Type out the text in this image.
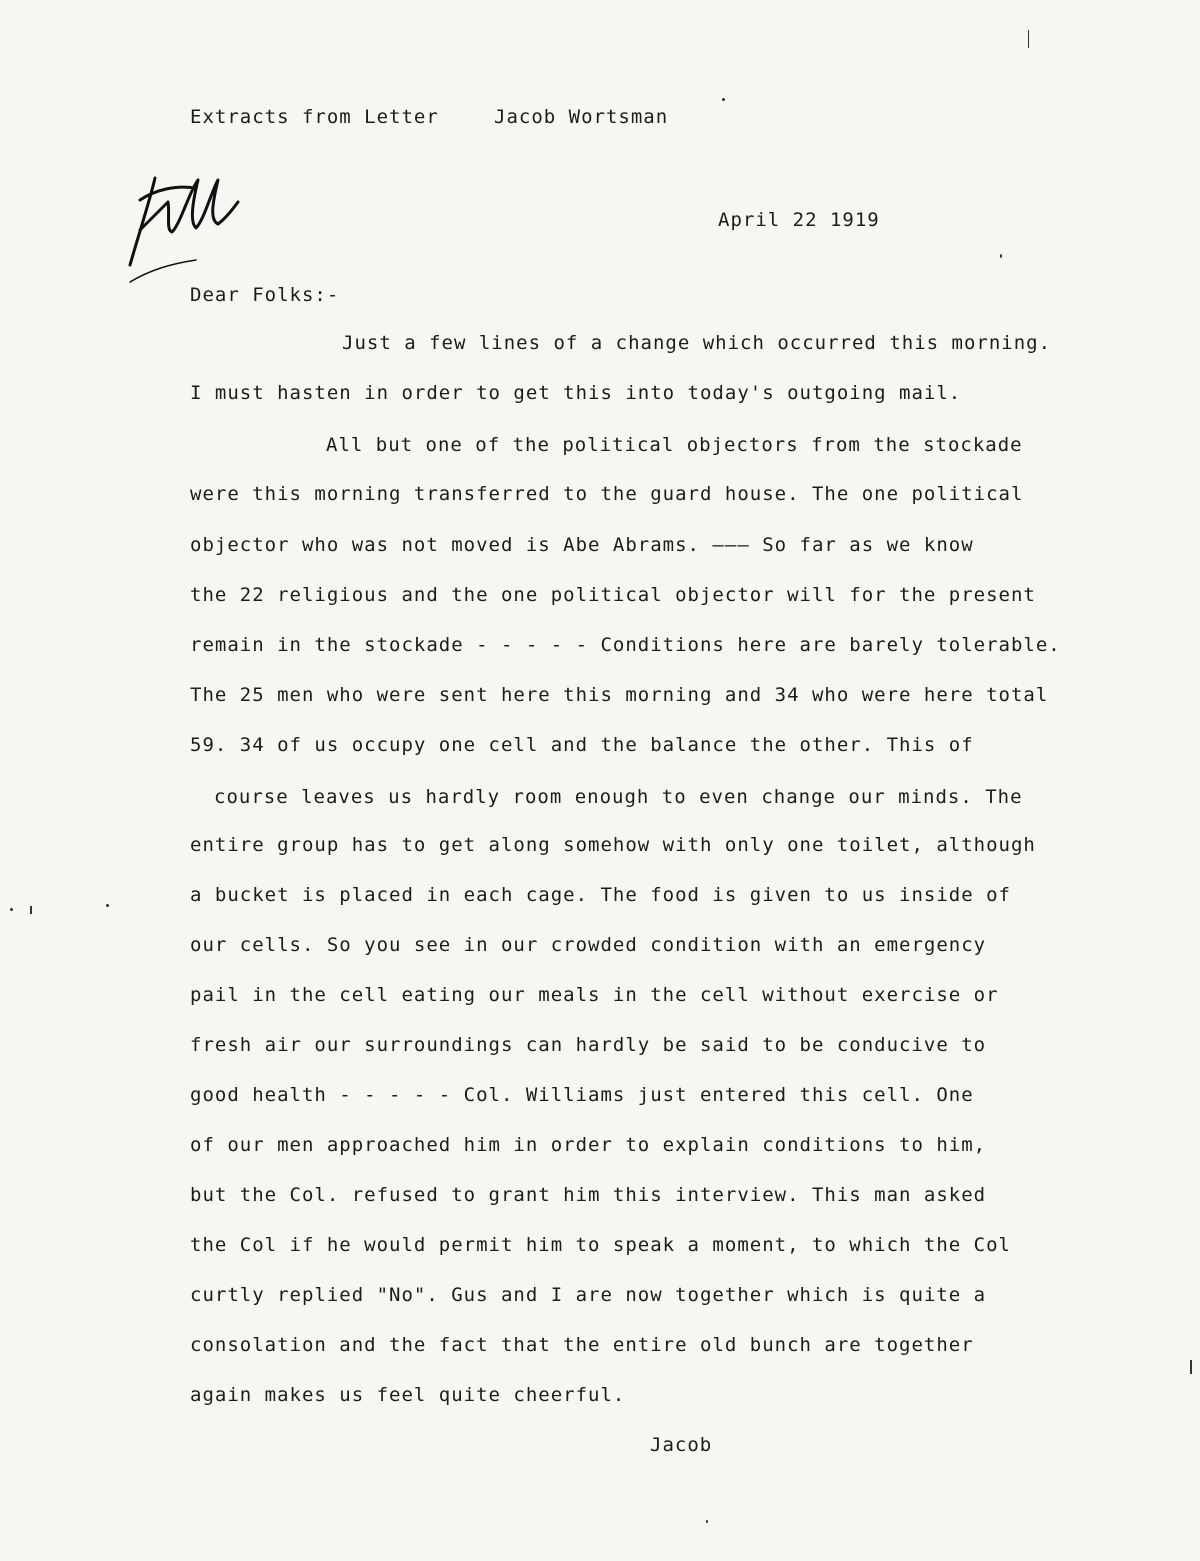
Extracts from Letter	Jacob Wortsman
April 22 1919
Dear Folks:-
Just a few lines of a change which occurred this morning.
I must hasten in order to get this into today's outgoing mail.
All but one of the political objectors from the stockade
were this morning transferred to the guard house. The one political
objector who was not moved is Abe Abrams. ——— So far as we know
the 22 religious and the one political objector will for the present
remain in the stockade - - - - - Conditions here are barely tolerable.
The 25 men who were sent here this morning and 34 who were here total
59. 34 of us occupy one cell and the balance the other. This of
course leaves us hardly room enough to even change our minds. The
entire group has to get along somehow with only one toilet, although
a bucket is placed in each cage. The food is given to us inside of
our cells. So you see in our crowded condition with an emergency
pail in the cell eating our meals in the cell without exercise or
fresh air our surroundings can hardly be said to be conducive to
good health - - - - - Col. Williams just entered this cell. One
of our men approached him in order to explain conditions to him,
but the Col. refused to grant him this interview. This man asked
the Col if he would permit him to speak a moment, to which the Col
curtly replied "No". Gus and I are now together which is quite a
consolation and the fact that the entire old bunch are together
again makes us feel quite cheerful.
Jacob
